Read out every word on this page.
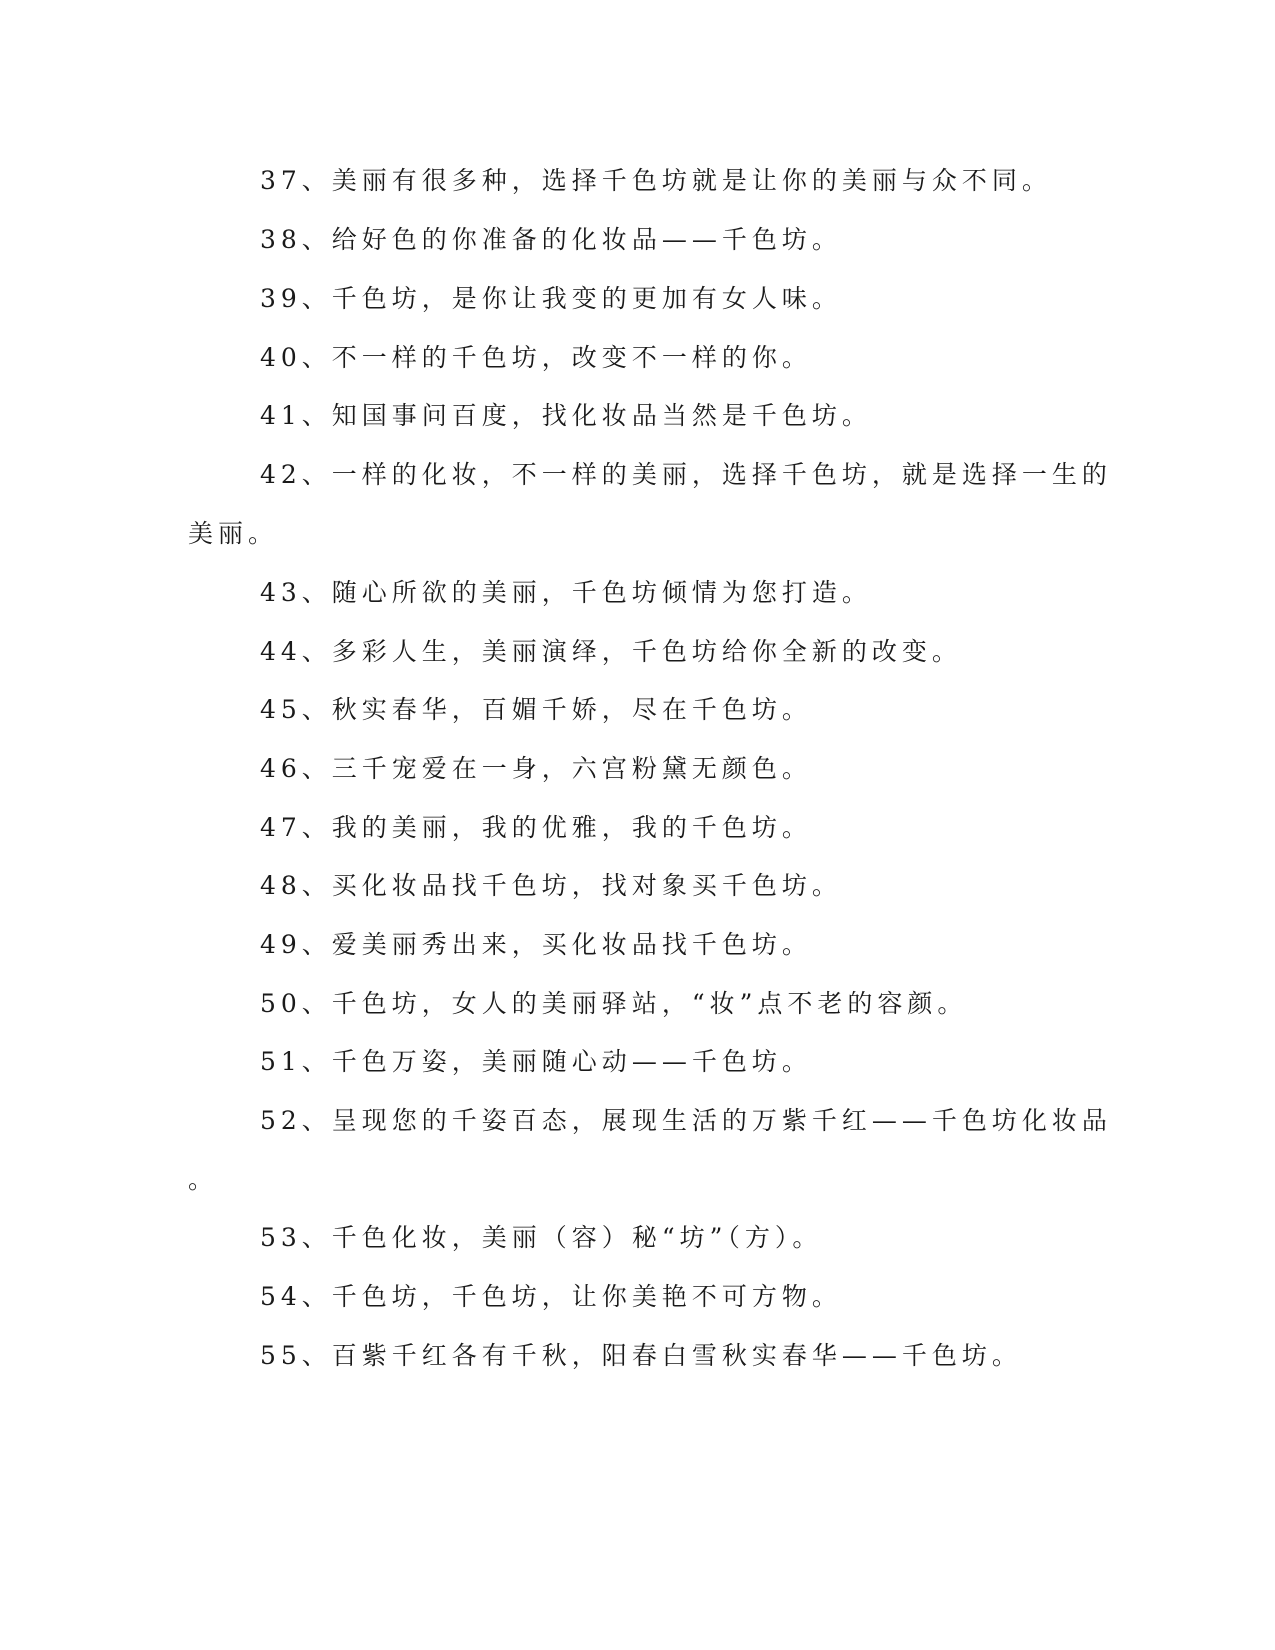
37、美丽有很多种，选择千色坊就是让你的美丽与众不同。
38、给好色的你准备的化妆品——千色坊。
39、千色坊，是你让我变的更加有女人味。
40、不一样的千色坊，改变不一样的你。
41、知国事问百度，找化妆品当然是千色坊。
42、一样的化妆，不一样的美丽，选择千色坊，就是选择一生的
美丽。
43、随心所欲的美丽，千色坊倾情为您打造。
44、多彩人生，美丽演绎，千色坊给你全新的改变。
45、秋实春华，百媚千娇，尽在千色坊。
46、三千宠爱在一身，六宫粉黛无颜色。
47、我的美丽，我的优雅，我的千色坊。
48、买化妆品找千色坊，找对象买千色坊。
49、爱美丽秀出来，买化妆品找千色坊。
50、千色坊，女人的美丽驿站，“妆”点不老的容颜。
51、千色万姿，美丽随心动——千色坊。
52、呈现您的千姿百态，展现生活的万紫千红——千色坊化妆品
。
53、千色化妆，美丽（容）秘“坊”（方）。
54、千色坊，千色坊，让你美艳不可方物。
55、百紫千红各有千秋，阳春白雪秋实春华——千色坊。
